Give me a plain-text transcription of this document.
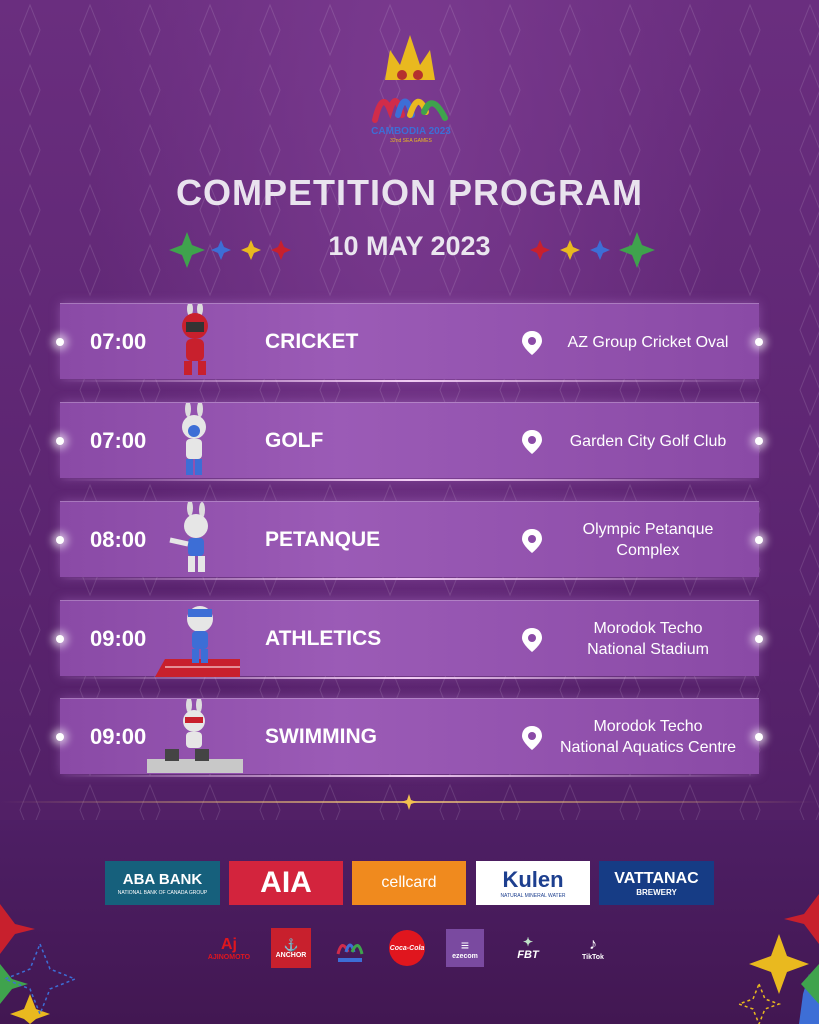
CAMBODIA 2023
32nd SEA GAMES
COMPETITION PROGRAM
10 MAY 2023
07:00	CRICKET	AZ Group Cricket Oval
07:00	GOLF	Garden City Golf Club
08:00	PETANQUE	Olympic Petanque
Complex
09:00	ATHLETICS	Morodok Techo
National Stadium
09:00	SWIMMING	Morodok Techo
National Aquatics Centre
ABA BANK
NATIONAL BANK OF CANADA GROUP AIA	cellcard	Kulen
NATURAL MINERAL WATER
VATTANAC
BREWERY
Aj
AJINOMOTO
⚓
ANCHOR
Coca-Cola	≡
ezecom
✦
FBT
♪
TikTok
